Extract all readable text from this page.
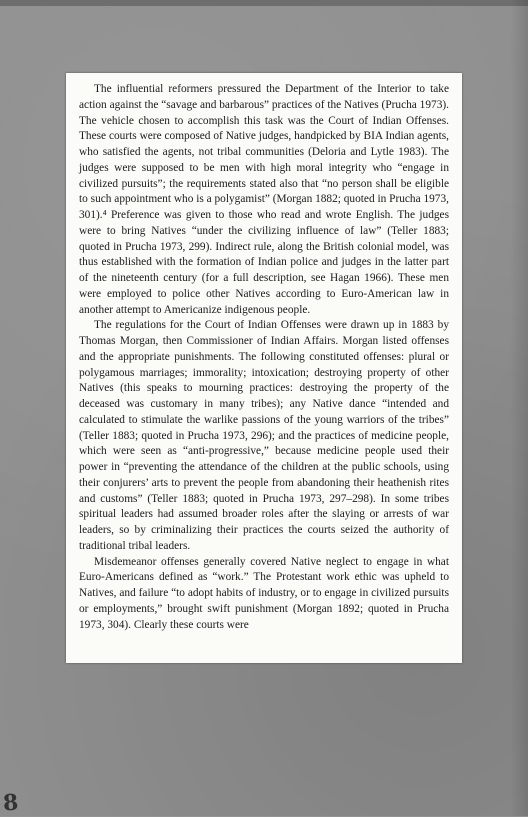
The influential reformers pressured the Department of the Interior to take action against the “savage and barbarous” practices of the Natives (Prucha 1973). The vehicle chosen to accomplish this task was the Court of Indian Offenses. These courts were composed of Native judges, handpicked by BIA Indian agents, who satisfied the agents, not tribal communities (Deloria and Lytle 1983). The judges were supposed to be men with high moral integrity who “engage in civilized pursuits”; the requirements stated also that “no person shall be eligible to such appointment who is a polygamist” (Morgan 1882; quoted in Prucha 1973, 301).⁴ Preference was given to those who read and wrote English. The judges were to bring Natives “under the civilizing influence of law” (Teller 1883; quoted in Prucha 1973, 299). Indirect rule, along the British colonial model, was thus established with the formation of Indian police and judges in the latter part of the nineteenth century (for a full description, see Hagan 1966). These men were employed to police other Natives according to Euro-American law in another attempt to Americanize indigenous people.

The regulations for the Court of Indian Offenses were drawn up in 1883 by Thomas Morgan, then Commissioner of Indian Affairs. Morgan listed offenses and the appropriate punishments. The following constituted offenses: plural or polygamous marriages; immorality; intoxication; destroying property of other Natives (this speaks to mourning practices: destroying the property of the deceased was customary in many tribes); any Native dance “intended and calculated to stimulate the warlike passions of the young warriors of the tribes” (Teller 1883; quoted in Prucha 1973, 296); and the practices of medicine people, which were seen as “anti-progressive,” because medicine people used their power in “preventing the attendance of the children at the public schools, using their conjurers’ arts to prevent the people from abandoning their heathenish rites and customs” (Teller 1883; quoted in Prucha 1973, 297–298). In some tribes spiritual leaders had assumed broader roles after the slaying or arrests of war leaders, so by criminalizing their practices the courts seized the authority of traditional tribal leaders.

Misdemeanor offenses generally covered Native neglect to engage in what Euro-Americans defined as “work.” The Protestant work ethic was upheld to Natives, and failure “to adopt habits of industry, or to engage in civilized pursuits or employments,” brought swift punishment (Morgan 1892; quoted in Prucha 1973, 304). Clearly these courts were

8
